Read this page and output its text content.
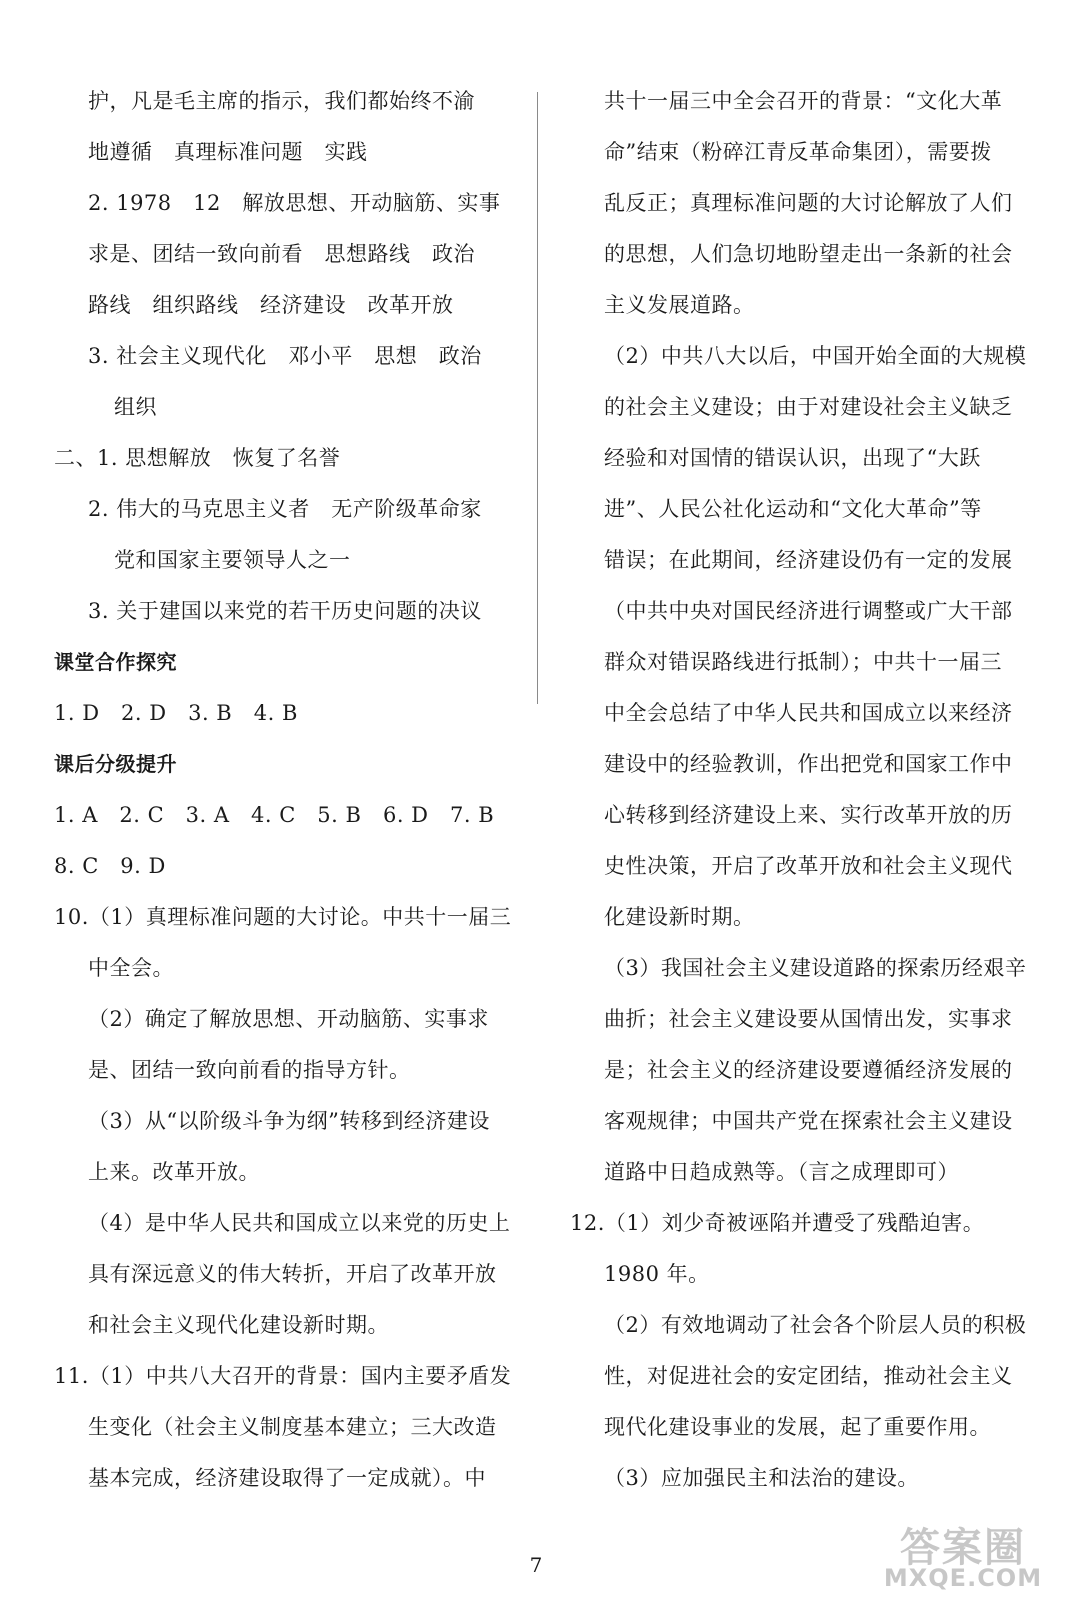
护，凡是毛主席的指示，我们都始终不渝
地遵循　真理标准问题　实践
2. 1978　12　解放思想、开动脑筋、实事
求是、团结一致向前看　思想路线　政治
路线　组织路线　经济建设　改革开放
3. 社会主义现代化　邓小平　思想　政治
组织
二、1. 思想解放　恢复了名誉
2. 伟大的马克思主义者　无产阶级革命家
党和国家主要领导人之一
3. 关于建国以来党的若干历史问题的决议
课堂合作探究
1. D　2. D　3. B　4. B
课后分级提升
1. A　2. C　3. A　4. C　5. B　6. D　7. B
8. C　9. D
10.（1）真理标准问题的大讨论。中共十一届三
中全会。
（2）确定了解放思想、开动脑筋、实事求
是、团结一致向前看的指导方针。
（3）从“以阶级斗争为纲”转移到经济建设
上来。改革开放。
（4）是中华人民共和国成立以来党的历史上
具有深远意义的伟大转折，开启了改革开放
和社会主义现代化建设新时期。
11.（1）中共八大召开的背景：国内主要矛盾发
生变化（社会主义制度基本建立；三大改造
基本完成，经济建设取得了一定成就）。中
共十一届三中全会召开的背景：“文化大革
命”结束（粉碎江青反革命集团），需要拨
乱反正；真理标准问题的大讨论解放了人们
的思想，人们急切地盼望走出一条新的社会
主义发展道路。
（2）中共八大以后，中国开始全面的大规模
的社会主义建设；由于对建设社会主义缺乏
经验和对国情的错误认识，出现了“大跃
进”、人民公社化运动和“文化大革命”等
错误；在此期间，经济建设仍有一定的发展
（中共中央对国民经济进行调整或广大干部
群众对错误路线进行抵制）；中共十一届三
中全会总结了中华人民共和国成立以来经济
建设中的经验教训，作出把党和国家工作中
心转移到经济建设上来、实行改革开放的历
史性决策，开启了改革开放和社会主义现代
化建设新时期。
（3）我国社会主义建设道路的探索历经艰辛
曲折；社会主义建设要从国情出发，实事求
是；社会主义的经济建设要遵循经济发展的
客观规律；中国共产党在探索社会主义建设
道路中日趋成熟等。（言之成理即可）
12.（1）刘少奇被诬陷并遭受了残酷迫害。
1980 年。
（2）有效地调动了社会各个阶层人员的积极
性，对促进社会的安定团结，推动社会主义
现代化建设事业的发展，起了重要作用。
（3）应加强民主和法治的建设。
7	答案圈
MXQE.COM
